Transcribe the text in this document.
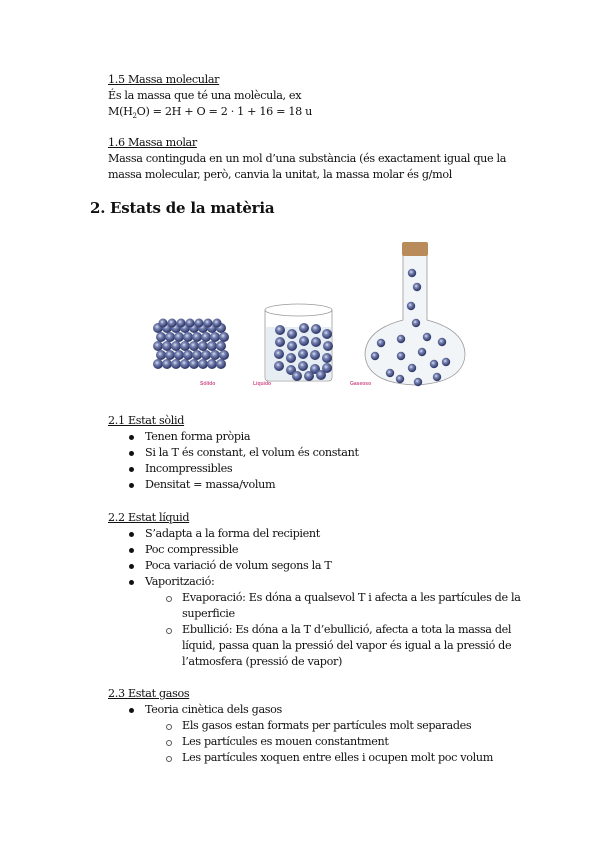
1.5 Massa molecular
És la massa que té una molècula, ex
$M(H_2O) = 2H + O = 2 \cdot 1 + 16 = 18$ u
1.6 Massa molar
Massa continguda en un mol d’una substància (és exactament igual que la
massa molecular, però, canvia la unitat, la massa molar és g/mol
2. Estats de la matèria
Sólido	Líquido	Gaseoso
2.1 Estat sòlid
Tenen forma pròpia
Si la T és constant, el volum és constant
Incompressibles
Densitat = massa/volum
2.2 Estat líquid
S’adapta a la forma del recipient
Poc compressible
Poca variació de volum segons la T
Vaporització:
Evaporació: Es dóna a qualsevol T i afecta a les partícules de la
superficie
Ebullició: Es dóna a la T d’ebullició, afecta a tota la massa del
líquid, passa quan la pressió del vapor és igual a la pressió de
l’atmosfera (pressió de vapor)
2.3 Estat gasos
Teoria cinètica dels gasos
Els gasos estan formats per partícules molt separades
Les partícules es mouen constantment
Les partícules xoquen entre elles i ocupen molt poc volum
